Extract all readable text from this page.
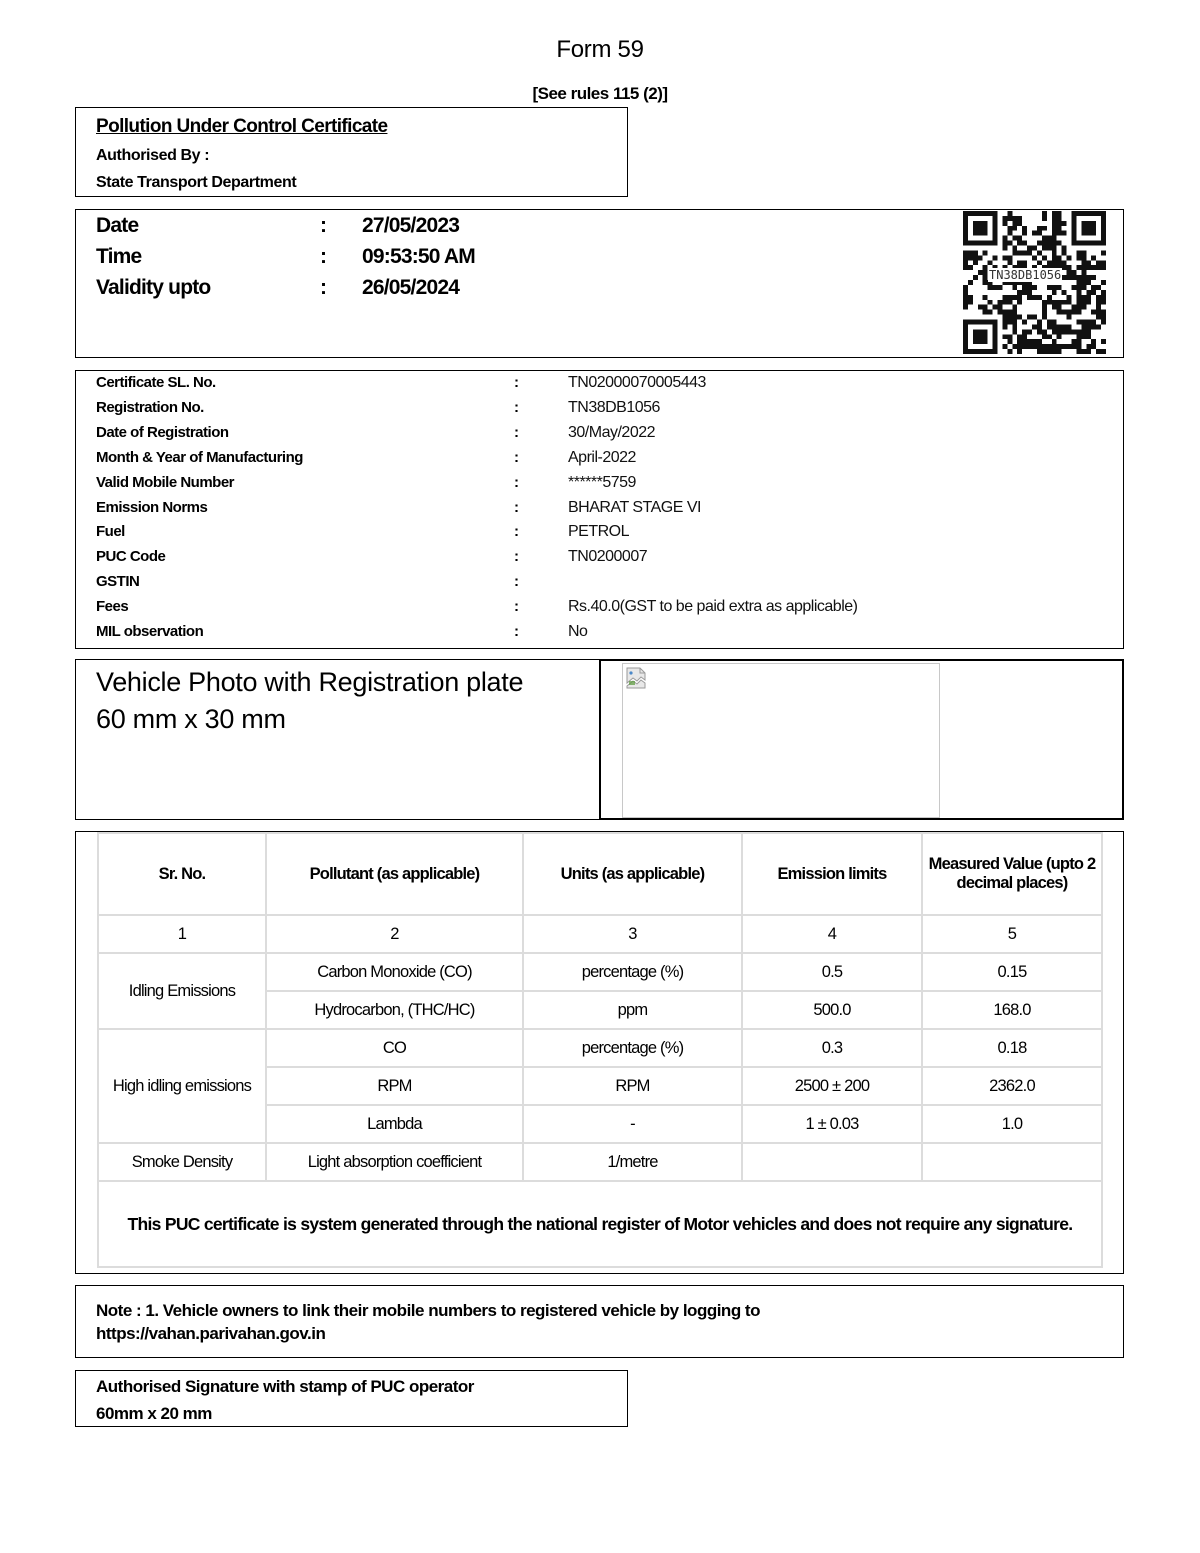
Form 59
[See rules 115 (2)]
Pollution Under Control Certificate
Authorised By :
State Transport Department
Date	: 27/05/2023
Time	: 09:53:50 AM
Validity upto	: 26/05/2024
TN38DB1056
Certificate SL. No.	:	TN02000070005443
Registration No.	:	TN38DB1056
Date of Registration	:	30/May/2022
Month & Year of Manufacturing	:	April-2022
Valid Mobile Number	:	******5759
Emission Norms	:	BHARAT STAGE VI
Fuel	:	PETROL
PUC Code	:	TN0200007
GSTIN	:
Fees	:	Rs.40.0(GST to be paid extra as applicable)
MIL observation	:	No
Vehicle Photo with Registration plate
60 mm x 30 mm
Sr. No.	Pollutant (as applicable)	Units (as applicable)	Emission limits	Measured Value (upto 2 decimal places)
1	2	3	4	5
Idling Emissions	Carbon Monoxide (CO)	percentage (%)	0.5	0.15
	Hydrocarbon, (THC/HC)	ppm	500.0	168.0
High idling emissions	CO	percentage (%)	0.3	0.18
	RPM	RPM	2500 ± 200	2362.0
	Lambda	-	1 ± 0.03	1.0
Smoke Density	Light absorption coefficient	1/metre		
This PUC certificate is system generated through the national register of Motor vehicles and does not require any signature.				
Note : 1. Vehicle owners to link their mobile numbers to registered vehicle by logging to
https://vahan.parivahan.gov.in
Authorised Signature with stamp of PUC operator
60mm x 20 mm
